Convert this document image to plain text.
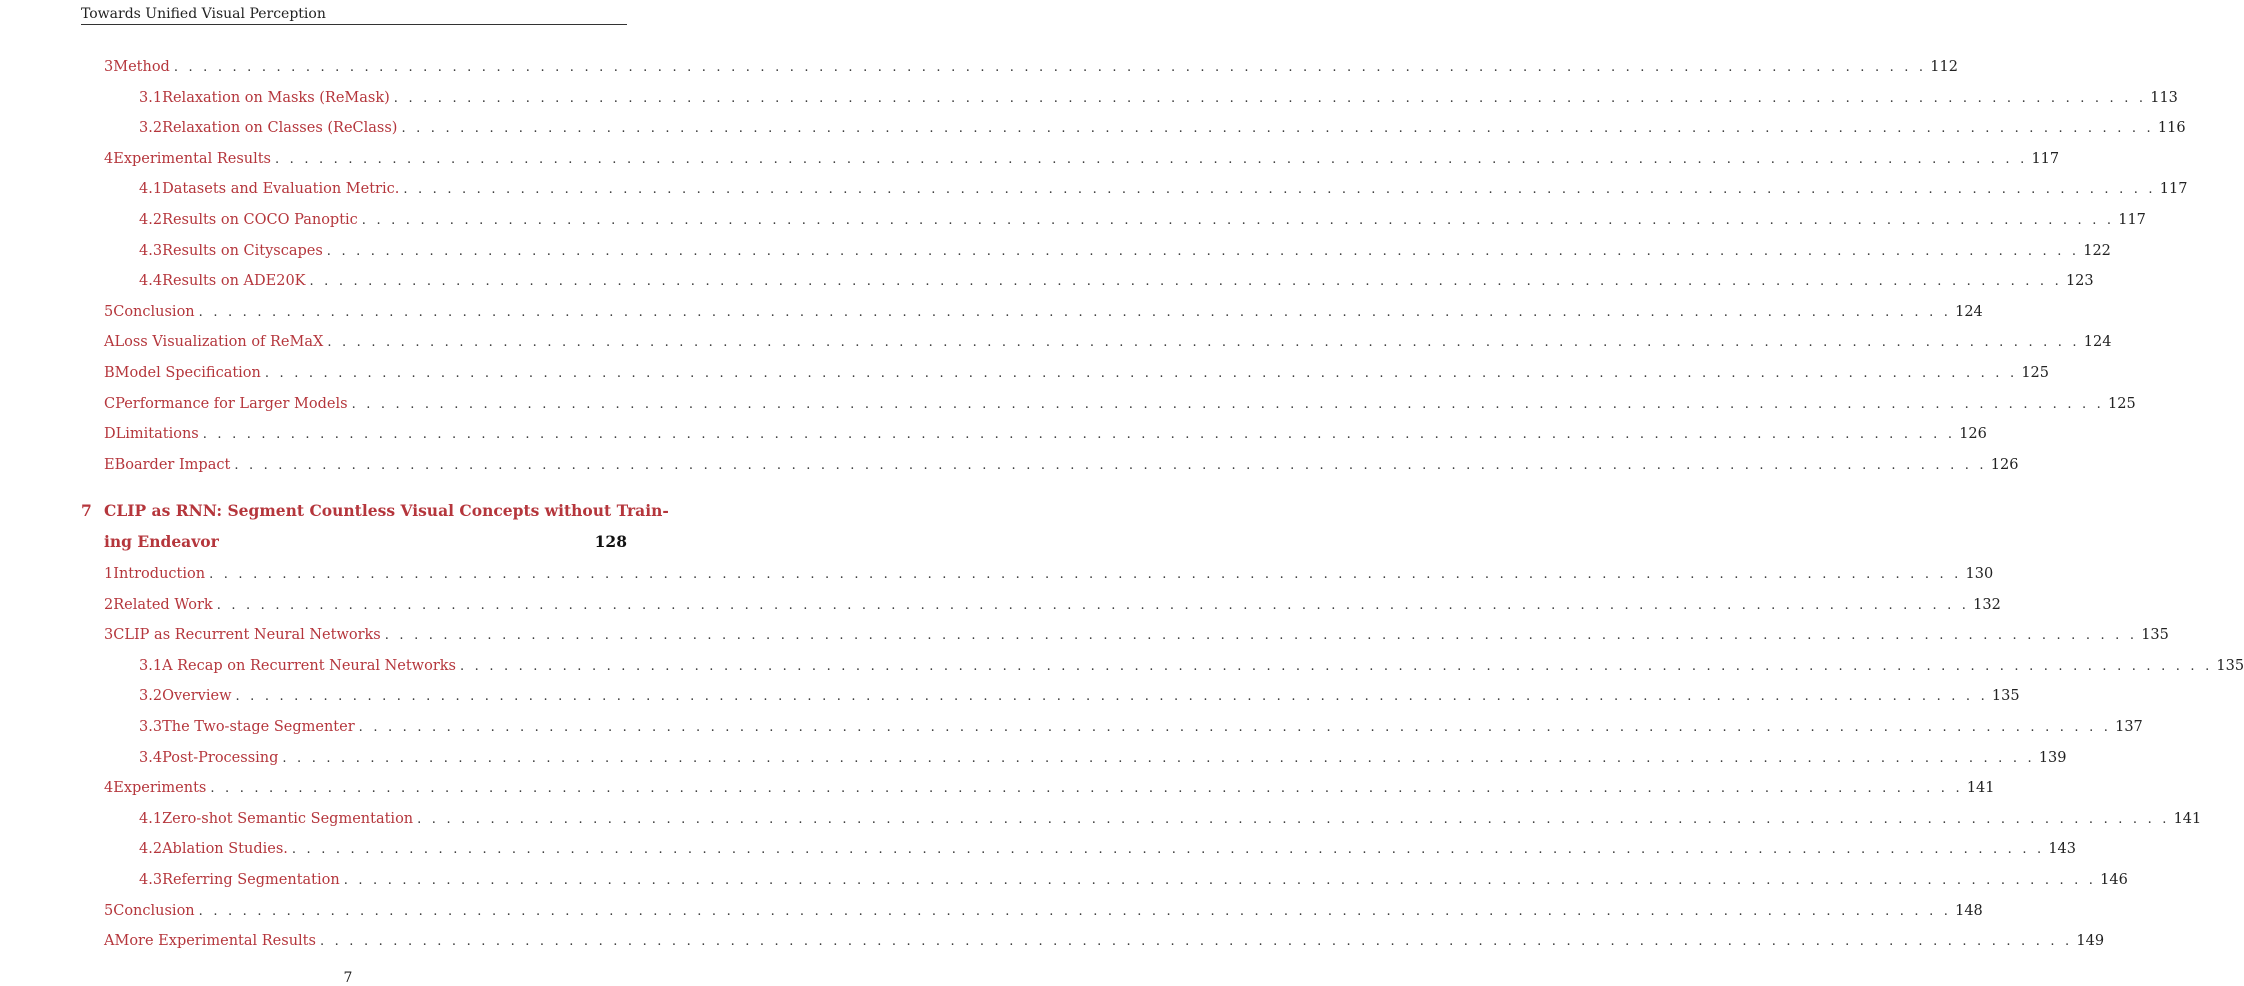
Towards Unified Visual Perception
3 Method . . . . . . . . . . . . . . . . . . . . . . . . . . . . . . . . . . . . . . . . . . . . . . . . . . . . . . . . . . . . . . . . . . . . . . . . . . . . . . . . . . . . . . . . . . . . . . . . . . . . . . . . . . . . . . . . . . . . . . . . 112
3.1 Relaxation on Masks (ReMask) . . . . . . . . . . . . . . . . . . . . . . . . . . . . . . . . . . . . . . . . . . . . . . . . . . . . . . . . . . . . . . . . . . . . . . . . . . . . . . . . . . . . . . . . . . . . . . . . . . . . . . . . . . . . . . . . . . . . . . . . 113
3.2 Relaxation on Classes (ReClass) . . . . . . . . . . . . . . . . . . . . . . . . . . . . . . . . . . . . . . . . . . . . . . . . . . . . . . . . . . . . . . . . . . . . . . . . . . . . . . . . . . . . . . . . . . . . . . . . . . . . . . . . . . . . . . . . . . . . . . . . 116
4 Experimental Results . . . . . . . . . . . . . . . . . . . . . . . . . . . . . . . . . . . . . . . . . . . . . . . . . . . . . . . . . . . . . . . . . . . . . . . . . . . . . . . . . . . . . . . . . . . . . . . . . . . . . . . . . . . . . . . . . . . . . . . . 117
4.1 Datasets and Evaluation Metric. . . . . . . . . . . . . . . . . . . . . . . . . . . . . . . . . . . . . . . . . . . . . . . . . . . . . . . . . . . . . . . . . . . . . . . . . . . . . . . . . . . . . . . . . . . . . . . . . . . . . . . . . . . . . . . . . . . . . . . . . 117
4.2 Results on COCO Panoptic . . . . . . . . . . . . . . . . . . . . . . . . . . . . . . . . . . . . . . . . . . . . . . . . . . . . . . . . . . . . . . . . . . . . . . . . . . . . . . . . . . . . . . . . . . . . . . . . . . . . . . . . . . . . . . . . . . . . . . . . 117
4.3 Results on Cityscapes . . . . . . . . . . . . . . . . . . . . . . . . . . . . . . . . . . . . . . . . . . . . . . . . . . . . . . . . . . . . . . . . . . . . . . . . . . . . . . . . . . . . . . . . . . . . . . . . . . . . . . . . . . . . . . . . . . . . . . . . 122
4.4 Results on ADE20K . . . . . . . . . . . . . . . . . . . . . . . . . . . . . . . . . . . . . . . . . . . . . . . . . . . . . . . . . . . . . . . . . . . . . . . . . . . . . . . . . . . . . . . . . . . . . . . . . . . . . . . . . . . . . . . . . . . . . . . . 123
5 Conclusion . . . . . . . . . . . . . . . . . . . . . . . . . . . . . . . . . . . . . . . . . . . . . . . . . . . . . . . . . . . . . . . . . . . . . . . . . . . . . . . . . . . . . . . . . . . . . . . . . . . . . . . . . . . . . . . . . . . . . . . . 124
A Loss Visualization of ReMaX . . . . . . . . . . . . . . . . . . . . . . . . . . . . . . . . . . . . . . . . . . . . . . . . . . . . . . . . . . . . . . . . . . . . . . . . . . . . . . . . . . . . . . . . . . . . . . . . . . . . . . . . . . . . . . . . . . . . . . . . 124
B Model Specification . . . . . . . . . . . . . . . . . . . . . . . . . . . . . . . . . . . . . . . . . . . . . . . . . . . . . . . . . . . . . . . . . . . . . . . . . . . . . . . . . . . . . . . . . . . . . . . . . . . . . . . . . . . . . . . . . . . . . . . . 125
C Performance for Larger Models . . . . . . . . . . . . . . . . . . . . . . . . . . . . . . . . . . . . . . . . . . . . . . . . . . . . . . . . . . . . . . . . . . . . . . . . . . . . . . . . . . . . . . . . . . . . . . . . . . . . . . . . . . . . . . . . . . . . . . . . 125
D Limitations . . . . . . . . . . . . . . . . . . . . . . . . . . . . . . . . . . . . . . . . . . . . . . . . . . . . . . . . . . . . . . . . . . . . . . . . . . . . . . . . . . . . . . . . . . . . . . . . . . . . . . . . . . . . . . . . . . . . . . . . 126
E Boarder Impact . . . . . . . . . . . . . . . . . . . . . . . . . . . . . . . . . . . . . . . . . . . . . . . . . . . . . . . . . . . . . . . . . . . . . . . . . . . . . . . . . . . . . . . . . . . . . . . . . . . . . . . . . . . . . . . . . . . . . . . . 126
1 Introduction . . . . . . . . . . . . . . . . . . . . . . . . . . . . . . . . . . . . . . . . . . . . . . . . . . . . . . . . . . . . . . . . . . . . . . . . . . . . . . . . . . . . . . . . . . . . . . . . . . . . . . . . . . . . . . . . . . . . . . . . 130
2 Related Work . . . . . . . . . . . . . . . . . . . . . . . . . . . . . . . . . . . . . . . . . . . . . . . . . . . . . . . . . . . . . . . . . . . . . . . . . . . . . . . . . . . . . . . . . . . . . . . . . . . . . . . . . . . . . . . . . . . . . . . . 132
3 CLIP as Recurrent Neural Networks . . . . . . . . . . . . . . . . . . . . . . . . . . . . . . . . . . . . . . . . . . . . . . . . . . . . . . . . . . . . . . . . . . . . . . . . . . . . . . . . . . . . . . . . . . . . . . . . . . . . . . . . . . . . . . . . . . . . . . . . 135
3.1 A Recap on Recurrent Neural Networks . . . . . . . . . . . . . . . . . . . . . . . . . . . . . . . . . . . . . . . . . . . . . . . . . . . . . . . . . . . . . . . . . . . . . . . . . . . . . . . . . . . . . . . . . . . . . . . . . . . . . . . . . . . . . . . . . . . . . . . . 135
3.2 Overview . . . . . . . . . . . . . . . . . . . . . . . . . . . . . . . . . . . . . . . . . . . . . . . . . . . . . . . . . . . . . . . . . . . . . . . . . . . . . . . . . . . . . . . . . . . . . . . . . . . . . . . . . . . . . . . . . . . . . . . . 135
3.3 The Two-stage Segmenter . . . . . . . . . . . . . . . . . . . . . . . . . . . . . . . . . . . . . . . . . . . . . . . . . . . . . . . . . . . . . . . . . . . . . . . . . . . . . . . . . . . . . . . . . . . . . . . . . . . . . . . . . . . . . . . . . . . . . . . . 137
3.4 Post-Processing . . . . . . . . . . . . . . . . . . . . . . . . . . . . . . . . . . . . . . . . . . . . . . . . . . . . . . . . . . . . . . . . . . . . . . . . . . . . . . . . . . . . . . . . . . . . . . . . . . . . . . . . . . . . . . . . . . . . . . . . 139
4 Experiments . . . . . . . . . . . . . . . . . . . . . . . . . . . . . . . . . . . . . . . . . . . . . . . . . . . . . . . . . . . . . . . . . . . . . . . . . . . . . . . . . . . . . . . . . . . . . . . . . . . . . . . . . . . . . . . . . . . . . . . . 141
4.1 Zero-shot Semantic Segmentation . . . . . . . . . . . . . . . . . . . . . . . . . . . . . . . . . . . . . . . . . . . . . . . . . . . . . . . . . . . . . . . . . . . . . . . . . . . . . . . . . . . . . . . . . . . . . . . . . . . . . . . . . . . . . . . . . . . . . . . . 141
4.2 Ablation Studies. . . . . . . . . . . . . . . . . . . . . . . . . . . . . . . . . . . . . . . . . . . . . . . . . . . . . . . . . . . . . . . . . . . . . . . . . . . . . . . . . . . . . . . . . . . . . . . . . . . . . . . . . . . . . . . . . . . . . . . . . 143
4.3 Referring Segmentation . . . . . . . . . . . . . . . . . . . . . . . . . . . . . . . . . . . . . . . . . . . . . . . . . . . . . . . . . . . . . . . . . . . . . . . . . . . . . . . . . . . . . . . . . . . . . . . . . . . . . . . . . . . . . . . . . . . . . . . . 146
5 Conclusion . . . . . . . . . . . . . . . . . . . . . . . . . . . . . . . . . . . . . . . . . . . . . . . . . . . . . . . . . . . . . . . . . . . . . . . . . . . . . . . . . . . . . . . . . . . . . . . . . . . . . . . . . . . . . . . . . . . . . . . . 148
A More Experimental Results . . . . . . . . . . . . . . . . . . . . . . . . . . . . . . . . . . . . . . . . . . . . . . . . . . . . . . . . . . . . . . . . . . . . . . . . . . . . . . . . . . . . . . . . . . . . . . . . . . . . . . . . . . . . . . . . . . . . . . . . 149
7 CLIP as RNN: Segment Countless Visual Concepts without Train-
ing Endeavor	128
7
